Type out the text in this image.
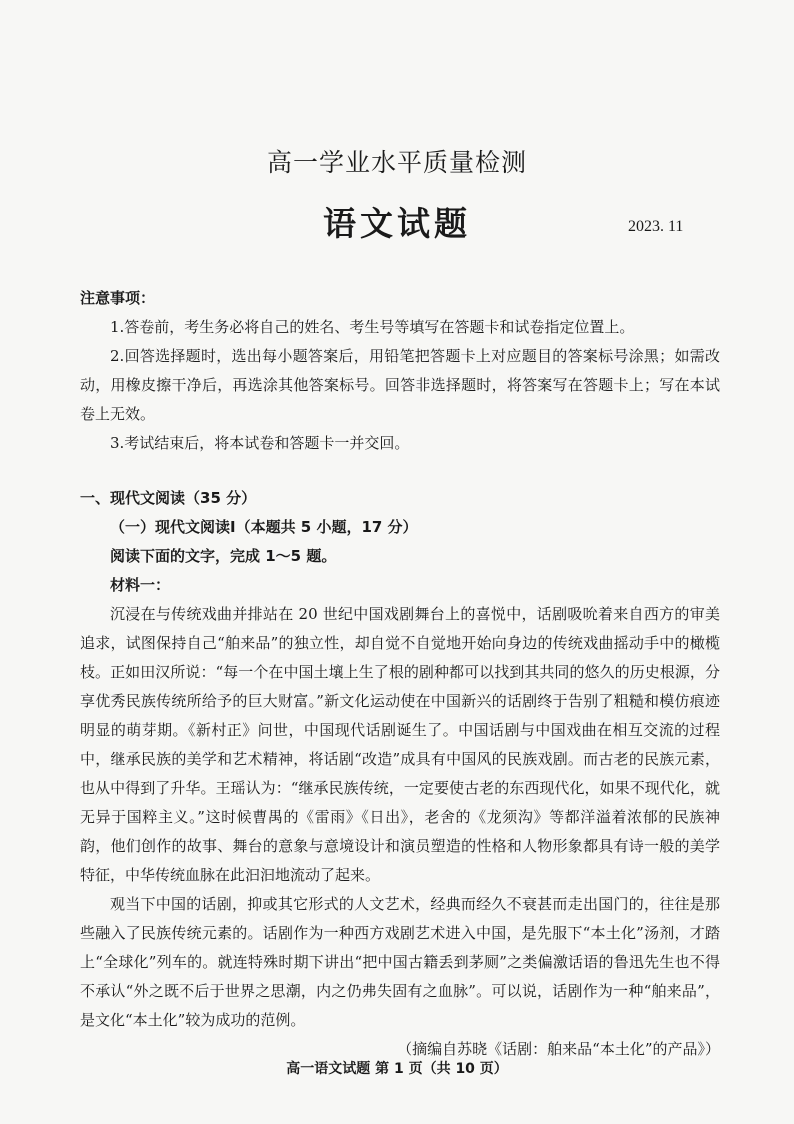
高一学业水平质量检测
语文试题	2023. 11

注意事项：

1.答卷前，考生务必将自己的姓名、考生号等填写在答题卡和试卷指定位置上。

2.回答选择题时，选出每小题答案后，用铅笔把答题卡上对应题目的答案标号涂黑；如需改动，用橡皮擦干净后，再选涂其他答案标号。回答非选择题时，将答案写在答题卡上；写在本试卷上无效。

3.考试结束后，将本试卷和答题卡一并交回。

一、现代文阅读（35 分）

（一）现代文阅读Ⅰ（本题共 5 小题，17 分）

阅读下面的文字，完成 1～5 题。

材料一：

沉浸在与传统戏曲并排站在 20 世纪中国戏剧舞台上的喜悦中，话剧吸吮着来自西方的审美追求，试图保持自己“舶来品”的独立性，却自觉不自觉地开始向身边的传统戏曲摇动手中的橄榄枝。正如田汉所说：“每一个在中国土壤上生了根的剧种都可以找到其共同的悠久的历史根源，分享优秀民族传统所给予的巨大财富。”新文化运动使在中国新兴的话剧终于告别了粗糙和模仿痕迹明显的萌芽期。《新村正》问世，中国现代话剧诞生了。中国话剧与中国戏曲在相互交流的过程中，继承民族的美学和艺术精神，将话剧“改造”成具有中国风的民族戏剧。而古老的民族元素，也从中得到了升华。王瑶认为：“继承民族传统，一定要使古老的东西现代化，如果不现代化，就无异于国粹主义。”这时候曹禺的《雷雨》《日出》，老舍的《龙须沟》等都洋溢着浓郁的民族神韵，他们创作的故事、舞台的意象与意境设计和演员塑造的性格和人物形象都具有诗一般的美学特征，中华传统血脉在此汩汩地流动了起来。

观当下中国的话剧，抑或其它形式的人文艺术，经典而经久不衰甚而走出国门的，往往是那些融入了民族传统元素的。话剧作为一种西方戏剧艺术进入中国，是先服下“本土化”汤剂，才踏上“全球化”列车的。就连特殊时期下讲出“把中国古籍丢到茅厕”之类偏激话语的鲁迅先生也不得不承认“外之既不后于世界之思潮，内之仍弗失固有之血脉”。可以说，话剧作为一种“舶来品”，是文化“本土化”较为成功的范例。

（摘编自苏晓《话剧：舶来品“本土化”的产品》）

高一语文试题 第 1 页（共 10 页）
